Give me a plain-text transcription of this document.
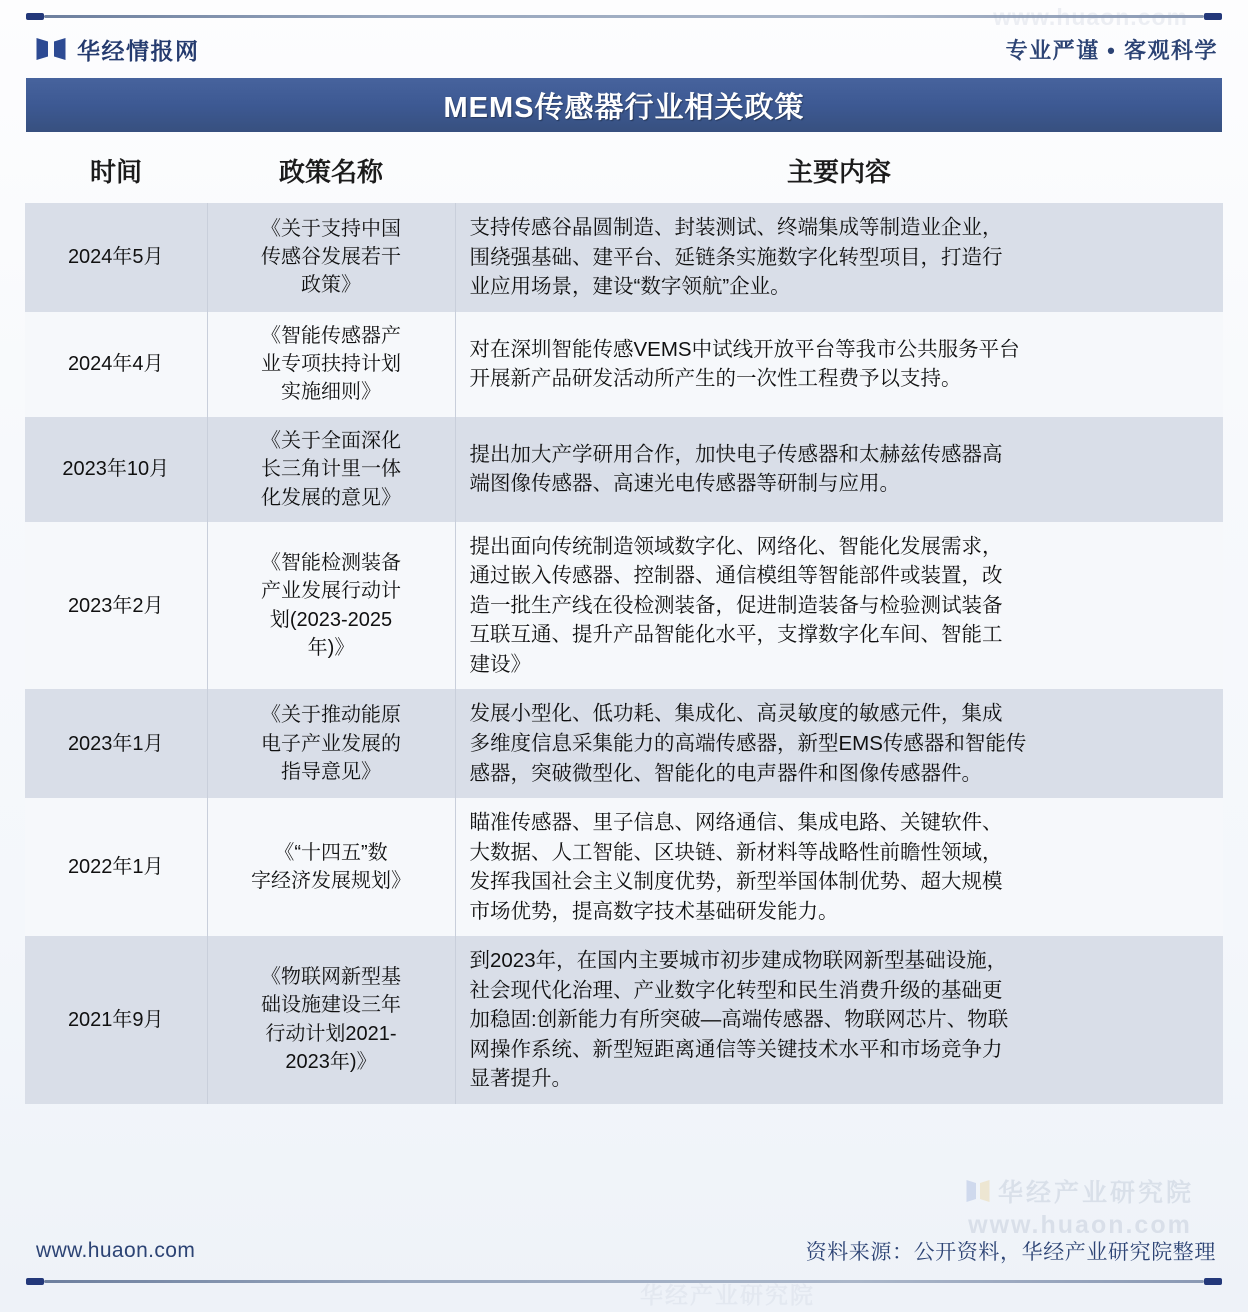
华经情报网	专业严谨 • 客观科学
MEMS传感器行业相关政策
www.huaon.com
华经产业研究院
www.huaon.com
华经产业研究院
时间	政策名称	主要内容
2024年5月	《关于支持中国
传感谷发展若干
政策》	支持传感谷晶圆制造、封装测试、终端集成等制造业企业，
围绕强基础、建平台、延链条实施数字化转型项目，打造行
业应用场景，建设“数字领航”企业。

2024年4月	《智能传感器产
业专项扶持计划
实施细则》	对在深圳智能传感VEMS中试线开放平台等我市公共服务平台
开展新产品研发活动所产生的一次性工程费予以支持。

2023年10月	《关于全面深化
长三角计里一体
化发展的意见》	提出加大产学研用合作，加快电子传感器和太赫兹传感器高
端图像传感器、高速光电传感器等研制与应用。

2023年2月	《智能检测装备
产业发展行动计
划(2023-2025
年)》	提出面向传统制造领域数字化、网络化、智能化发展需求，
通过嵌入传感器、控制器、通信模组等智能部件或装置，改
造一批生产线在役检测装备，促进制造装备与检验测试装备
互联互通、提升产品智能化水平，支撑数字化车间、智能工
建设》

2023年1月	《关于推动能原
电子产业发展的
指导意见》	发展小型化、低功耗、集成化、高灵敏度的敏感元件，集成
多维度信息采集能力的高端传感器，新型EMS传感器和智能传
感器，突破微型化、智能化的电声器件和图像传感器件。

2022年1月	《“十四五”数
字经济发展规划》	瞄准传感器、里子信息、网络通信、集成电路、关键软件、
大数据、人工智能、区块链、新材料等战略性前瞻性领域，
发挥我国社会主义制度优势，新型举国体制优势、超大规模
市场优势，提高数字技术基础研发能力。

2021年9月	《物联网新型基
础设施建设三年
行动计划2021-
2023年)》	到2023年，在国内主要城市初步建成物联网新型基础设施，
社会现代化治理、产业数字化转型和民生消费升级的基础更
加稳固:创新能力有所突破—高端传感器、物联网芯片、物联
网操作系统、新型短距离通信等关键技术水平和市场竞争力
显著提升。
www.huaon.com	资料来源：公开资料，华经产业研究院整理
